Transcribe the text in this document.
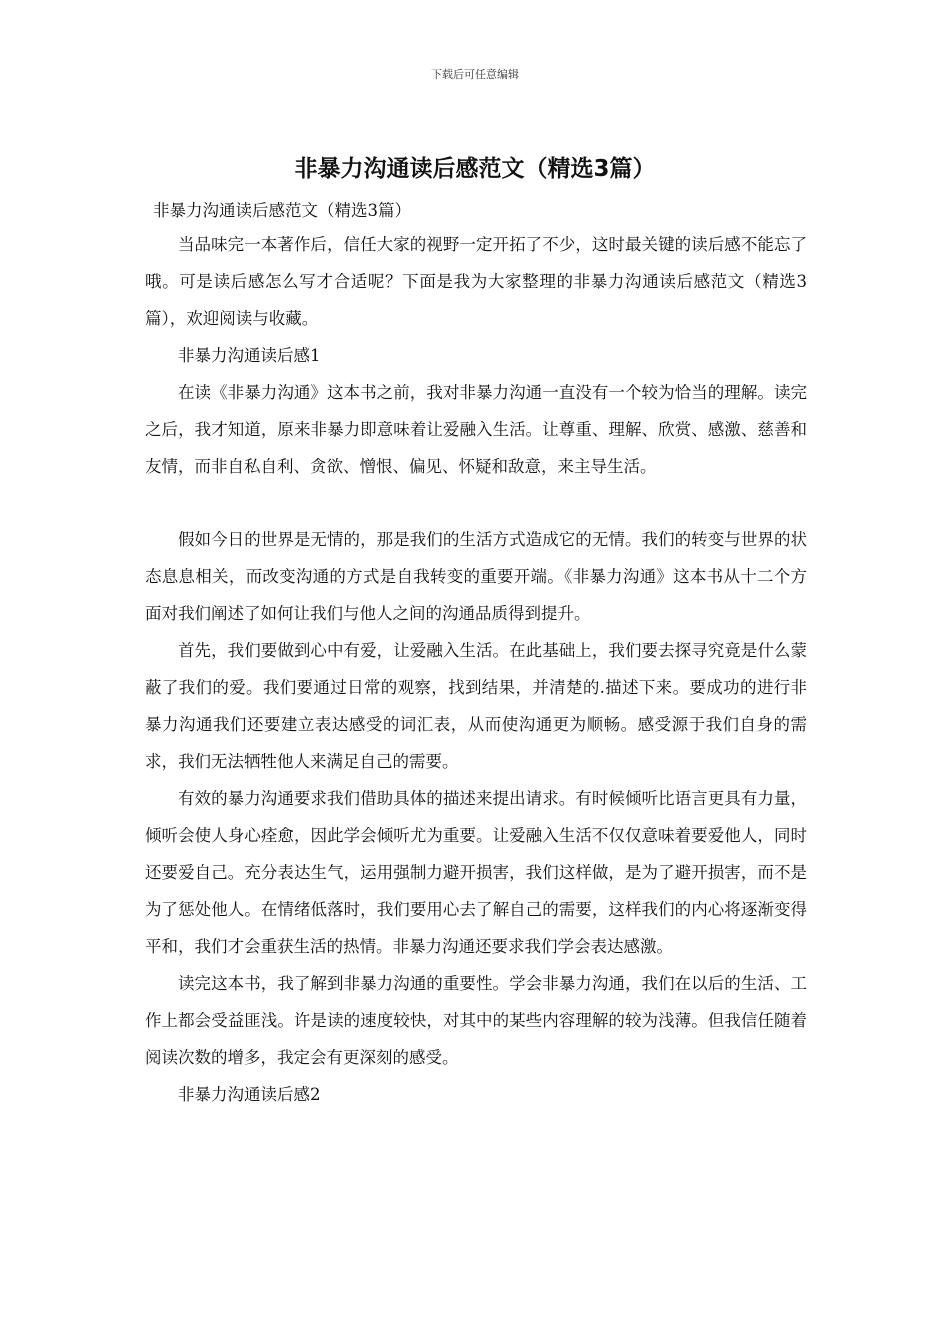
下载后可任意编辑
非暴力沟通读后感范文（精选3篇）
非暴力沟通读后感范文（精选3篇）

当品味完一本著作后，信任大家的视野一定开拓了不少，这时最关键的读后感不能忘了哦。可是读后感怎么写才合适呢？下面是我为大家整理的非暴力沟通读后感范文（精选3篇），欢迎阅读与收藏。

非暴力沟通读后感1

在读《非暴力沟通》这本书之前，我对非暴力沟通一直没有一个较为恰当的理解。读完之后，我才知道，原来非暴力即意味着让爱融入生活。让尊重、理解、欣赏、感激、慈善和友情，而非自私自利、贪欲、憎恨、偏见、怀疑和敌意，来主导生活。

假如今日的世界是无情的，那是我们的生活方式造成它的无情。我们的转变与世界的状态息息相关，而改变沟通的方式是自我转变的重要开端。《非暴力沟通》这本书从十二个方面对我们阐述了如何让我们与他人之间的沟通品质得到提升。

首先，我们要做到心中有爱，让爱融入生活。在此基础上，我们要去探寻究竟是什么蒙蔽了我们的爱。我们要通过日常的观察，找到结果，并清楚的.描述下来。要成功的进行非暴力沟通我们还要建立表达感受的词汇表，从而使沟通更为顺畅。感受源于我们自身的需求，我们无法牺牲他人来满足自己的需要。

有效的暴力沟通要求我们借助具体的描述来提出请求。有时候倾听比语言更具有力量，倾听会使人身心痊愈，因此学会倾听尤为重要。让爱融入生活不仅仅意味着要爱他人，同时还要爱自己。充分表达生气，运用强制力避开损害，我们这样做，是为了避开损害，而不是为了惩处他人。在情绪低落时，我们要用心去了解自己的需要，这样我们的内心将逐渐变得平和，我们才会重获生活的热情。非暴力沟通还要求我们学会表达感激。

读完这本书，我了解到非暴力沟通的重要性。学会非暴力沟通，我们在以后的生活、工作上都会受益匪浅。许是读的速度较快，对其中的某些内容理解的较为浅薄。但我信任随着阅读次数的增多，我定会有更深刻的感受。

非暴力沟通读后感2
